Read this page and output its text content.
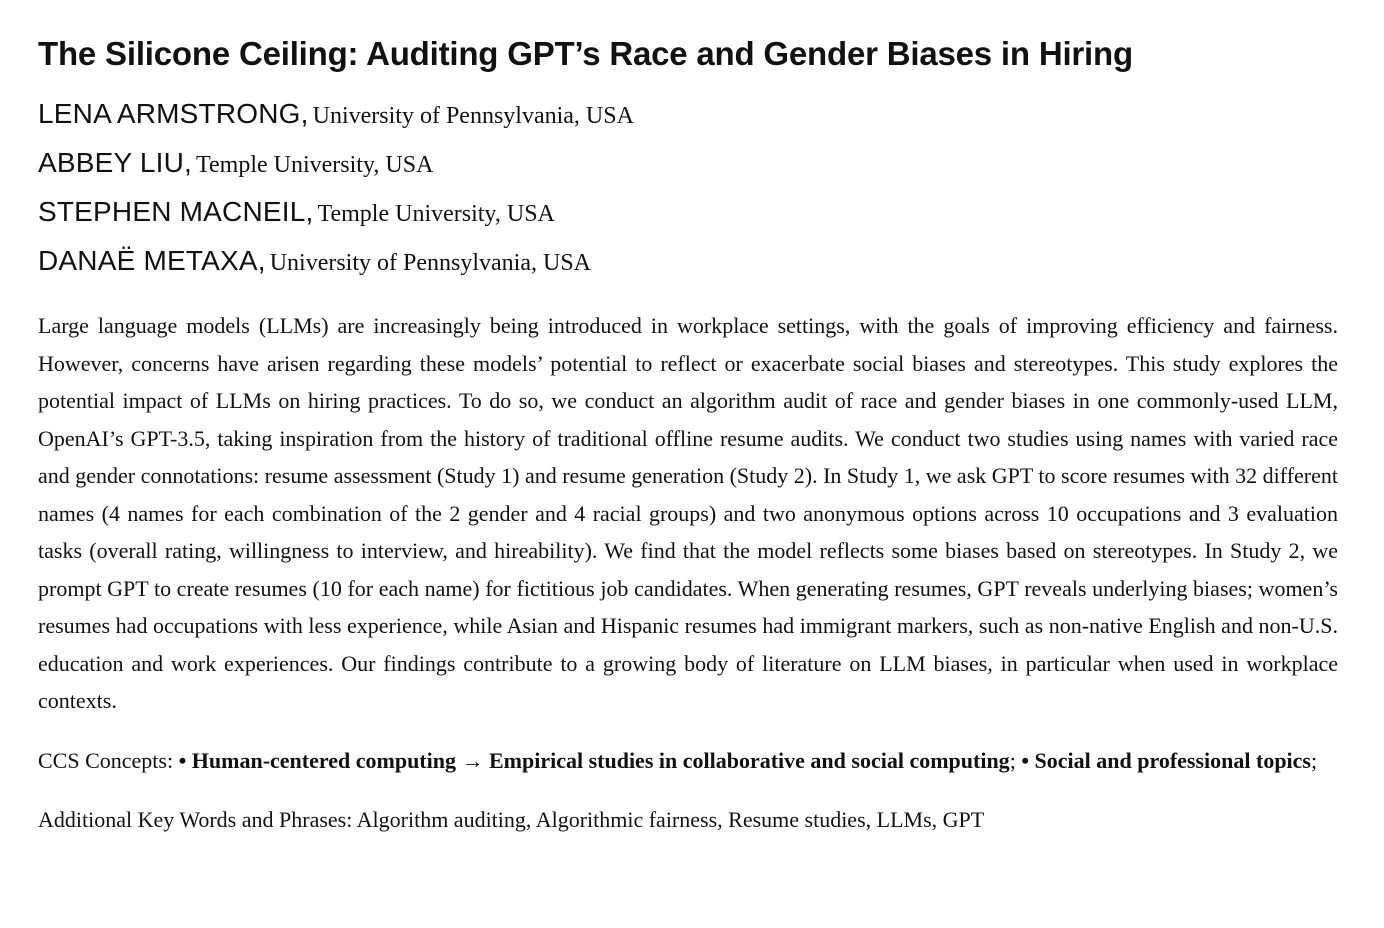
The Silicone Ceiling: Auditing GPT’s Race and Gender Biases in Hiring
LENA ARMSTRONG, University of Pennsylvania, USA
ABBEY LIU, Temple University, USA
STEPHEN MACNEIL, Temple University, USA
DANAË METAXA, University of Pennsylvania, USA

Large language models (LLMs) are increasingly being introduced in workplace settings, with the goals of improving efficiency and fairness. However, concerns have arisen regarding these models’ potential to reflect or exacerbate social biases and stereotypes. This study explores the potential impact of LLMs on hiring practices. To do so, we conduct an algorithm audit of race and gender biases in one commonly-used LLM, OpenAI’s GPT-3.5, taking inspiration from the history of traditional offline resume audits. We conduct two studies using names with varied race and gender connotations: resume assessment (Study 1) and resume generation (Study 2). In Study 1, we ask GPT to score resumes with 32 different names (4 names for each combination of the 2 gender and 4 racial groups) and two anonymous options across 10 occupations and 3 evaluation tasks (overall rating, willingness to interview, and hireability). We find that the model reflects some biases based on stereotypes. In Study 2, we prompt GPT to create resumes (10 for each name) for fictitious job candidates. When generating resumes, GPT reveals underlying biases; women’s resumes had occupations with less experience, while Asian and Hispanic resumes had immigrant markers, such as non-native English and non-U.S. education and work experiences. Our findings contribute to a growing body of literature on LLM biases, in particular when used in workplace contexts.

CCS Concepts: • Human-centered computing → Empirical studies in collaborative and social computing; • Social and professional topics;
Additional Key Words and Phrases: Algorithm auditing, Algorithmic fairness, Resume studies, LLMs, GPT
